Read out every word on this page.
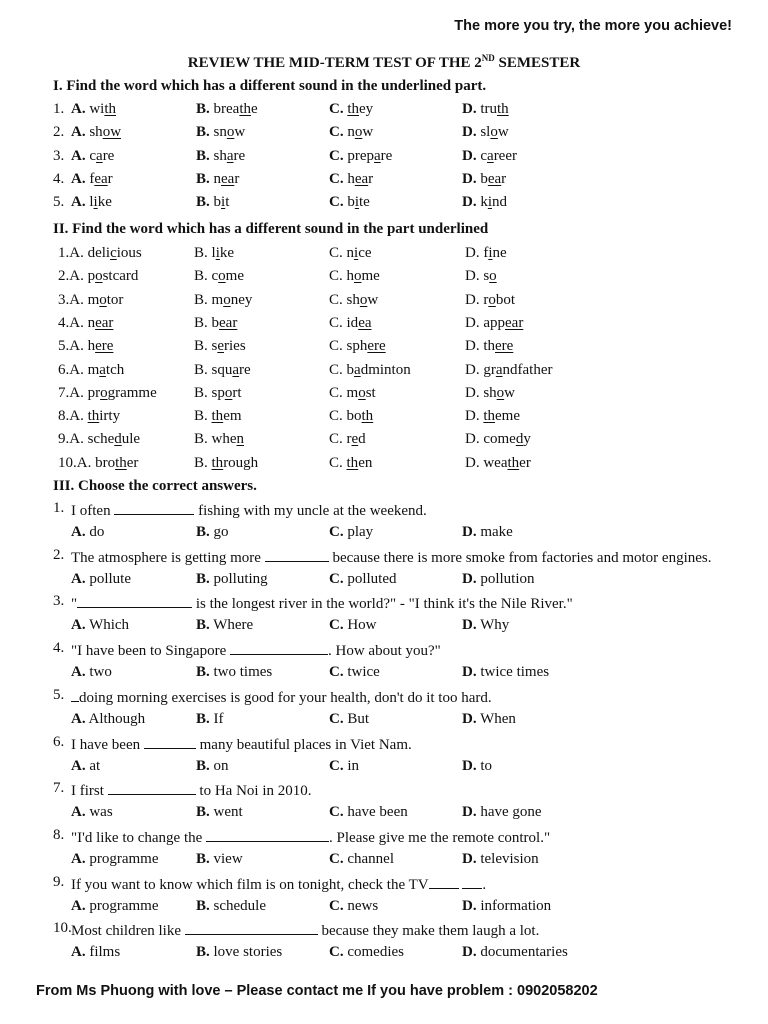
The more you try, the more you achieve!
REVIEW THE MID-TERM TEST OF THE 2ND SEMESTER
I. Find the word which has a different sound in the underlined part.
1. A. with	B. breathe	C. they	D. truth
2. A. show	B. snow	C. now	D. slow
3. A. care	B. share	C. prepare	D. career
4. A. fear	B. near	C. hear	D. bear
5. A. like	B. bit	C. bite	D. kind
II. Find the word which has a different sound in the part underlined
1.A. delicious	B. like	C. nice	D. fine
2.A. postcard	B. come	C. home	D. so
3.A. motor	B. money	C. show	D. robot
4.A. near	B. bear	C. idea	D. appear
5.A. here	B. series	C. sphere	D. there
6.A. match	B. square	C. badminton	D. grandfather
7.A. programme B. sport	C. most	D. show
8.A. thirty	B. them	C. both	D. theme
9.A. schedule	B. when	C. red	D. comedy
10.A. brother	B. through	C. then	D. weather
III. Choose the correct answers.
1. I often	fishing with my uncle at the weekend.
A. do	B. go	C. play	D. make
2. The atmosphere is getting more	because there is more smoke from factories and motor engines.
A. pollute	B. polluting	C. polluted	D. pollution
3. "	is the longest river in the world?" - "I think it's the Nile River."
A. Which	B. Where	C. How	D. Why
4. "I have been to Singapore	. How about you?"
A. two	B. two times	C. twice	D. twice times
5. doing morning exercises is good for your health, don't do it too hard.
A. Although	B. If	C. But	D. When
6. I have been	many beautiful places in Viet Nam.
A. at	B. on	C. in	D. to
7. I first	to Ha Noi in 2010.
A. was	B. went	C. have been	D. have gone
8. "I'd like to change the	. Please give me the remote control."
A. programme	B. view	C. channel	D. television
9. If you want to know which film is on tonight, check the TV	.
A. programme	B. schedule	C. news	D. information
10. Most children like	because they make them laugh a lot.
A. films	B. love stories	C. comedies	D. documentaries
From Ms Phuong with love – Please contact me If you have problem : 0902058202
